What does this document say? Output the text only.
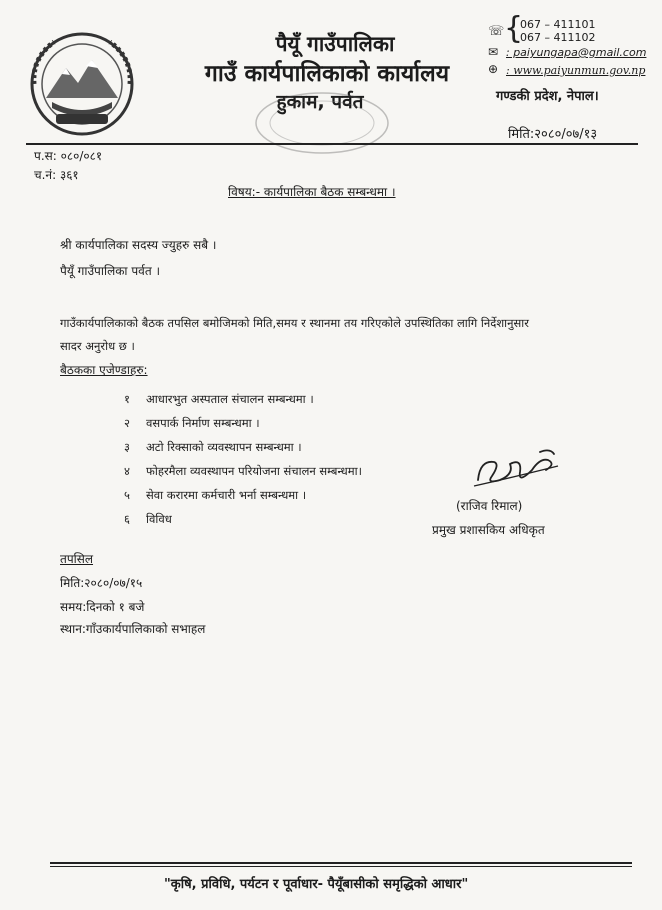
पैयूँ गाउँपालिका
गाउँ कार्यपालिकाको कार्यालय
हुकाम, पर्वत
☏ {
067 – 411101
067 – 411102
✉ : paiyungapa@gmail.com
⊕ : www.paiyunmun.gov.np
गण्डकी प्रदेश, नेपाल।
मिति:२०८०/०७/१३
प.स: ०८०/०८१
च.नं: ३६१
विषय:- कार्यपालिका बैठक सम्बन्धमा ।
श्री कार्यपालिका सदस्य ज्युहरु सबै ।
पैयूँ गाउँपालिका पर्वत ।
गाउँकार्यपालिकाको बैठक तपसिल बमोजिमको मिति,समय र स्थानमा तय गरिएकोले उपस्थितिका लागि निर्देशानुसार
सादर अनुरोध छ ।
बैठकका एजेण्डाहरु:
१	आधारभुत अस्पताल संचालन सम्बन्धमा ।
२	वसपार्क निर्माण सम्बन्धमा ।
३	अटो रिक्साको व्यवस्थापन सम्बन्धमा ।
४	फोहरमैला व्यवस्थापन परियोजना संचालन सम्बन्धमा।
५	सेवा करारमा कर्मचारी भर्ना सम्बन्धमा ।
६	विविध
(राजिव रिमाल)
प्रमुख प्रशासकिय अधिकृत
तपसिल
मिति:२०८०/०७/१५
समय:दिनको १ बजे
स्थान:गाँउकार्यपालिकाको सभाहल
"कृषि, प्रविधि, पर्यटन र पूर्वाधार- पैयूँबासीको समृद्धिको आधार"
